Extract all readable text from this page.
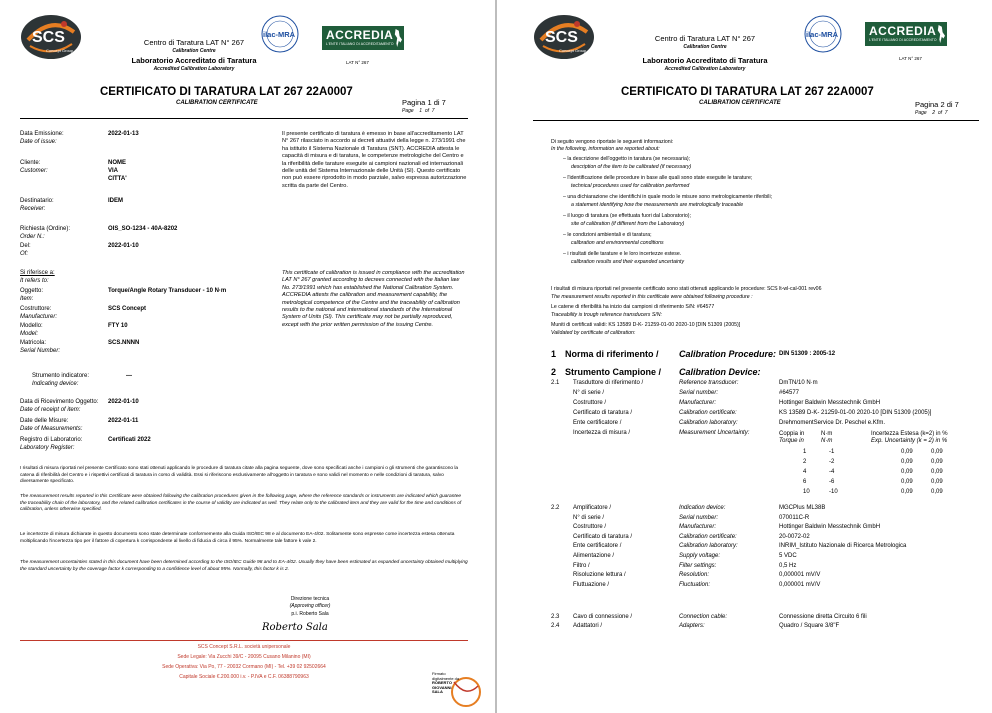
SCS
Concept Group
Centro di Taratura LAT N° 267
Calibration Centre
Laboratorio Accreditato di Taratura
Accredited Calibration Laboratory
ilac-MRA	ACCREDIA
L'ENTE ITALIANO DI ACCREDITAMENTO
LAT N° 267
CERTIFICATO DI TARATURA LAT 267 22A0007
CALIBRATION CERTIFICATE	Pagina 1 di 7
Page 1 of 7
Data Emissione:
Date of issue:
2022-01-13
Cliente:
Customer:
NOME
VIA
CITTA'
Destinatario:
Receiver:
IDEM
Richiesta (Ordine):
Order N.:
OIS_SO-1234 - 40A-8202
Del:
Of:
2022-01-10
Si riferisce a:
It refers to:
Oggetto:
Item:
Torque/Angle Rotary Transducer - 10 N·m
Costruttore:
Manufacturer:
SCS Concept
Modello:
Model:
FTY 10
Matricola:
Serial Number:
SCS.NNNN
Strumento indicatore:
Indicating device:
—
Data di Ricevimento Oggetto:
Date of receipt of item:
2022-01-10
Date delle Misure:
Date of Measurements:
2022-01-11
Registro di Laboratorio:
Laboratory Register:
Certificati 2022
Il presente certificato di taratura è emesso in base all'accreditamento LAT N° 267 rilasciato in accordo ai decreti attuativi della legge n. 273/1991 che ha istituito il Sistema Nazionale di Taratura (SNT). ACCREDIA attesta le capacità di misura e di taratura, le competenze metrologiche del Centro e la riferibilità delle tarature eseguite ai campioni nazionali ed internazionali delle unità del Sistema Internazionale delle Unità (SI). Questo certificato non può essere riprodotto in modo parziale, salvo espressa autorizzazione scritta da parte del Centro.
This certificate of calibration is issued in compliance with the accreditation LAT N° 267 granted according to decrees connected with the Italian law No. 273/1991 which has established the National Calibration System. ACCREDIA attests the calibration and measurement capability, the metrological competence of the Centre and the traceability of calibration results to the national and international standards of the International System of Units (SI). This certificate may not be partially reproduced, except with the prior written permission of the issuing Centre.
I risultati di misura riportati nel presente Certificato sono stati ottenuti applicando le procedure di taratura citate alla pagina seguente, dove sono specificati anche i campioni o gli strumenti che garantiscono la catena di riferibilità del Centro e i rispettivi certificati di taratura in corso di validità. Essi si riferiscono esclusivamente all'oggetto in taratura e sono validi nel momento e nelle condizioni di taratura, salvo diversamente specificato.
The measurement results reported in this Certificate were obtained following the calibration procedures given in the following page, where the reference standards or instruments are indicated which guarantee the traceability chain of the laboratory, and the related calibration certificates in the course of validity are indicated as well. They relate only to the calibrated item and they are valid for the time and conditions of calibration, unless otherwise specified.
Le incertezze di misura dichiarate in questo documento sono state determinate conformemente alla Guida ISO/IEC 98 e al documento EA-4/02. Solitamente sono espresse come incertezza estesa ottenuta moltiplicando l'incertezza tipo per il fattore di copertura k corrispondente al livello di fiducia di circa il 95%. Normalmente tale fattore k vale 2.
The measurement uncertainties stated in this document have been determined according to the ISO/IEC Guide 98 and to EA-4/02. Usually they have been estimated as expanded uncertainty obtained multiplying the standard uncertainty by the coverage factor k corresponding to a confidence level of about 95%. Normally, this factor k is 2.
Direzione tecnica
(Approving officer)
p.i. Roberto Sala
Roberto Sala
SCS Concept S.R.L. società unipersonale
Sede Legale: Via Zucchi 39/C - 20095 Cusano Milanino (MI)
Sede Operativa: Via Po, 77 - 20032 Cormano (MI) - Tel. +39 02 92502664
Capitale Sociale €.200.000 i.v. - P.IVA e C.F. 06388790963
SCS
Concept Group
Centro di Taratura LAT N° 267
Calibration Centre
Laboratorio Accreditato di Taratura
Accredited Calibration Laboratory
ilac-MRA	ACCREDIA
L'ENTE ITALIANO DI ACCREDITAMENTO
LAT N° 267
CERTIFICATO DI TARATURA LAT 267 22A0007
CALIBRATION CERTIFICATE	Pagina 2 di 7
Page 2 of 7
Di seguito vengono riportate le seguenti informazioni:
In the following, information are reported about:
– la descrizione dell'oggetto in taratura (se necessaria);
description of the item to be calibrated (if necessary)
– l'identificazione delle procedure in base alle quali sono state eseguite le tarature;
technical procedures used for calibration performed
– una dichiarazione che identifichi in quale modo le misure sono metrologicamente riferibili;
a statement identifying how the measurements are metrologically traceable
– il luogo di taratura (se effettuata fuori dal Laboratorio);
site of calibration (if different from the Laboratory)
– le condizioni ambientali e di taratura;
calibration and environmental conditions
– i risultati delle tarature e le loro incertezze estese.
calibration results and their expanded uncertainty
I risultati di misura riportati nel presente certificato sono stati ottenuti applicando le procedure: SCS lt-wl-cal-001 rev06
The measurement results reported in this certificate were obtained following procedure :
Le catene di riferibilità ha inizio dai campioni di riferimento S/N: #64577
Traceability is trough reference transducers S/N:
Muniti di certificati validi: KS 13589 D-K- 21259-01-00 2020-10 [DIN 51309 (2005)]
Validated by certificate of calibration:
1 Norma di riferimento / Calibration Procedure: DIN 51309 : 2005-12
2 Strumento Campione / Calibration Device:
2.1 Trasduttore di riferimento /	Reference transducer:	DmTN/10 N·m
N° di serie /	Serial number:	#64577
Costruttore /	Manufacturer:	Hottinger Baldwin Messtechnik GmbH
Certificato di taratura /	Calibration certificate:	KS 13589 D-K- 21259-01-00 2020-10 [DIN 51309 (2005)]
Ente certificatore /	Calibration laboratory:	DrehmomentService Dr. Peschel e.Kfm.
Incertezza di misura /	Measurement Uncertainty:	Coppia in	N·m	Incertezza Estesa (k=2) in %
Torque in	N·m	Exp. Uncertainty (k = 2) in %
1	-1	0,09	0,09
2	-2	0,09	0,09
4	-4	0,09	0,09
6	-6	0,09	0,09
10	-10	0,09	0,09
2.2 Amplificatore /	Indication device:	MGCPlus ML38B
N° di serie /	Serial number:	070011C-R
Costruttore /	Manufacturer:	Hottinger Baldwin Messtechnik GmbH
Certificato di taratura /	Calibration certificate:	20-0072-02
Ente certificatore /	Calibration laboratory:	INRIM_Istituto Nazionale di Ricerca Metrologica
Alimentazione /	Supply voltage:	5 VDC
Filtro /	Filter settings:	0,5 Hz
Risoluzione lettura /	Resolution:	0,000001 mV/V
Fluttuazione /	Fluctuation:	0,000001 mV/V
2.3 Cavo di connessione /	Connection cable:	Connessione diretta Circuito 6 fili
2.4 Adattatori /	Adapters:	Quadro / Square 3/8"F
Firmato
digitalmente da
ROBERTO
GIOVANNI
SALA
